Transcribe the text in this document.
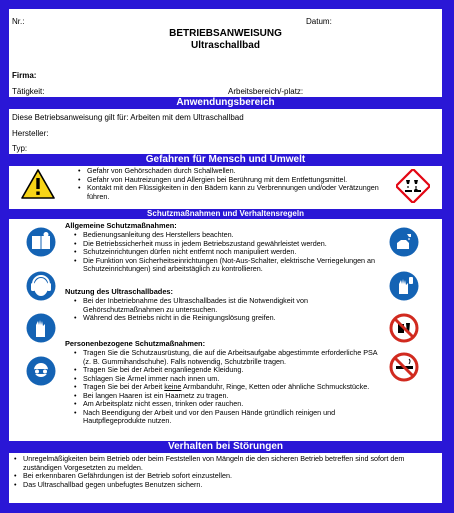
Nr.:	Datum:
BETRIEBSANWEISUNG
Ultraschallbad
Firma:
Tätigkeit:	Arbeitsbereich/-platz:
Anwendungsbereich
Diese Betriebsanweisung gilt für: Arbeiten mit dem Ultraschallbad
Hersteller:
Typ:
Gefahren für Mensch und Umwelt
• Gefahr von Gehörschaden durch Schallwellen.
• Gefahr von Hautreizungen und Allergien bei Berührung mit dem Entfettungsmittel.
• Kontakt mit den Flüssigkeiten in den Bädern kann zu Verbrennungen und/oder Verätzungen führen.
Schutzmaßnahmen und Verhaltensregeln
Allgemeine Schutzmaßnahmen:
• Bedienungsanleitung des Herstellers beachten.
• Die Betriebssicherheit muss in jedem Betriebszustand gewährleistet werden.
• Schutzeinrichtungen dürfen nicht entfernt noch manipuliert werden.
• Die Funktion von Sicherheitseinrichtungen (Not-Aus-Schalter, elektrische Verriegelungen an Schutzeinrichtungen) sind arbeitstäglich zu kontrollieren.
Nutzung des Ultraschallbades:
• Bei der Inbetriebnahme des Ultraschallbades ist die Notwendigkeit von Gehörschutzmaßnahmen zu untersuchen.
• Während des Betriebs nicht in die Reinigungslösung greifen.
Personenbezogene Schutzmaßnahmen:
• Tragen Sie die Schutzausrüstung, die auf die Arbeitsaufgabe abgestimmte erforderliche PSA (z. B. Gummihandschuhe). Falls notwendig, Schutzbrille tragen.
• Tragen Sie bei der Arbeit enganliegende Kleidung.
• Schlagen Sie Ärmel immer nach innen um.
• Tragen Sie bei der Arbeit keine Armbanduhr, Ringe, Ketten oder ähnliche Schmuckstücke.
• Bei langen Haaren ist ein Haarnetz zu tragen.
• Am Arbeitsplatz nicht essen, trinken oder rauchen.
• Nach Beendigung der Arbeit und vor den Pausen Hände gründlich reinigen und Hautpflegeprodukte nutzen.
Verhalten bei Störungen
• Unregelmäßigkeiten beim Betrieb oder beim Feststellen von Mängeln die den sicheren Betrieb betreffen sind sofort dem zuständigen Vorgesetzten zu melden.
• Bei erkennbaren Gefährdungen ist der Betrieb sofort einzustellen.
• Das Ultraschallbad gegen unbefugtes Benutzen sichern.
